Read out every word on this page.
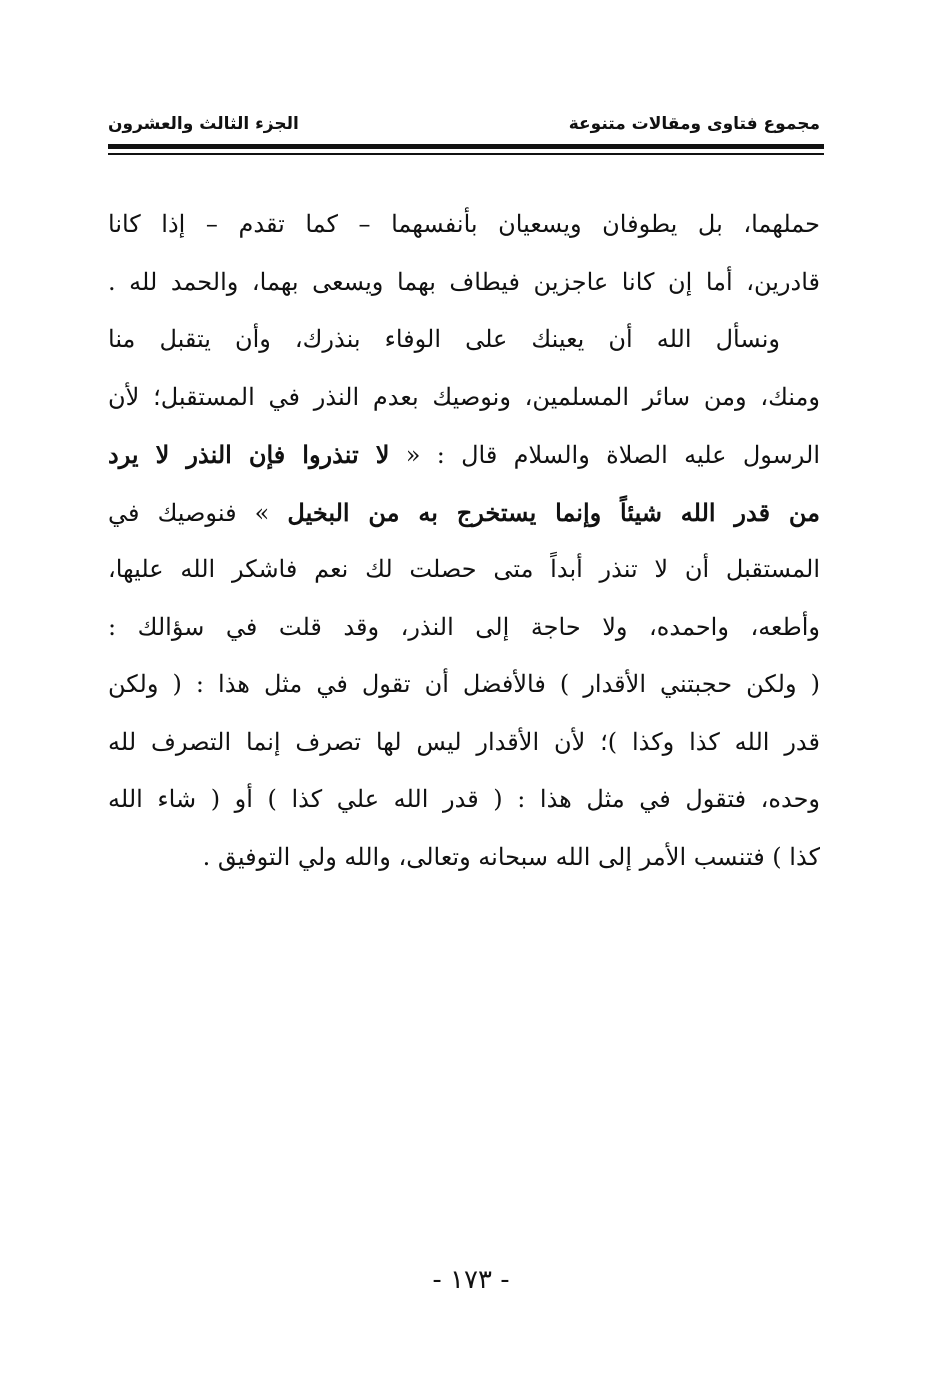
مجموع فتاوى ومقالات متنوعة
الجزء الثالث والعشرون
حملهما، بل يطوفان ويسعيان بأنفسهما – كما تقدم – إذا كانا
قادرين، أما إن كانا عاجزين فيطاف بهما ويسعى بهما، والحمد لله .
ونسأل الله أن يعينك على الوفاء بنذرك، وأن يتقبل منا
ومنك، ومن سائر المسلمين، ونوصيك بعدم النذر في المستقبل؛ لأن
الرسول عليه الصلاة والسلام قال : « لا تنذروا فإن النذر لا يرد
من قدر الله شيئاً وإنما يستخرج به من البخيل » فنوصيك في
المستقبل أن لا تنذر أبداً متى حصلت لك نعم فاشكر الله عليها،
وأطعه، واحمده، ولا حاجة إلى النذر، وقد قلت في سؤالك :
( ولكن حجبتني الأقدار ) فالأفضل أن تقول في مثل هذا : ( ولكن
قدر الله كذا وكذا )؛ لأن الأقدار ليس لها تصرف إنما التصرف لله
وحده، فتقول في مثل هذا : ( قدر الله علي كذا ) أو ( شاء الله
كذا ) فتنسب الأمر إلى الله سبحانه وتعالى، والله ولي التوفيق .
- ١٧٣ -
